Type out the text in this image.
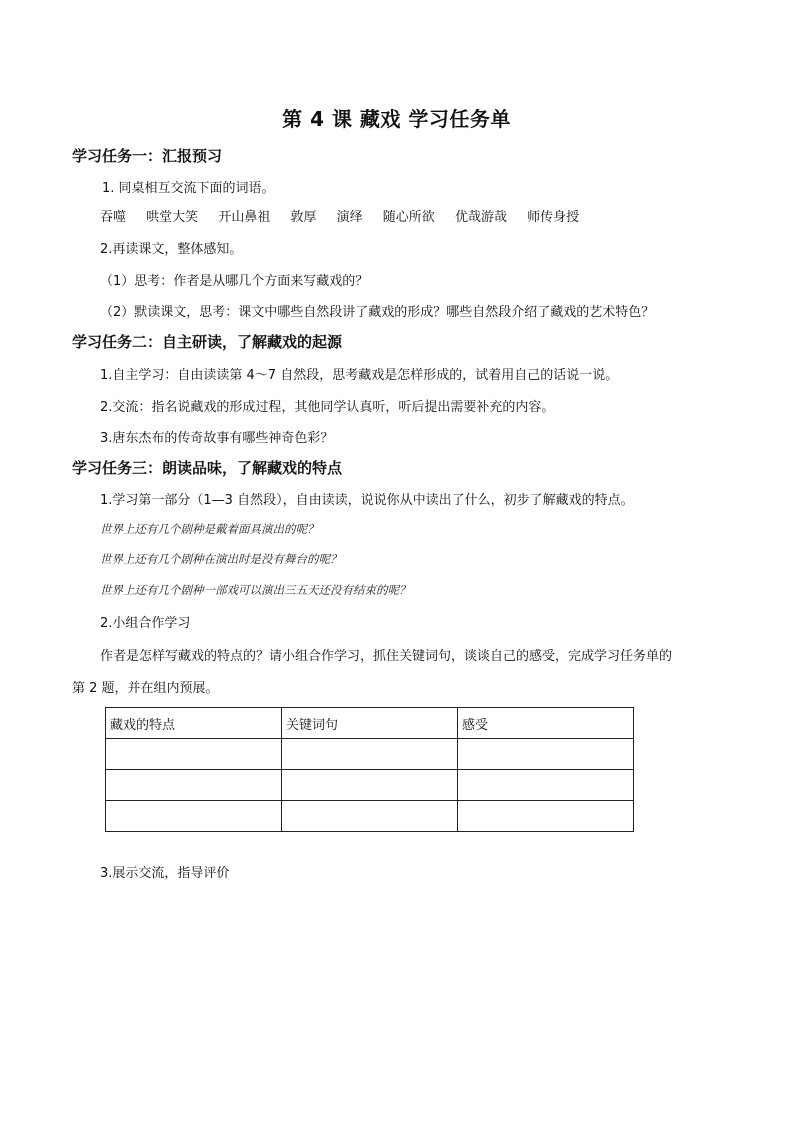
第 4 课 藏戏 学习任务单
学习任务一：汇报预习
1. 同桌相互交流下面的词语。
吞噬 哄堂大笑 开山鼻祖 敦厚 演绎 随心所欲 优哉游哉 师传身授
2.再读课文，整体感知。
（1）思考：作者是从哪几个方面来写藏戏的？
（2）默读课文，思考：课文中哪些自然段讲了藏戏的形成？哪些自然段介绍了藏戏的艺术特色？
学习任务二：自主研读，了解藏戏的起源
1.自主学习：自由读读第 4～7 自然段，思考藏戏是怎样形成的，试着用自己的话说一说。
2.交流：指名说藏戏的形成过程，其他同学认真听，听后提出需要补充的内容。
3.唐东杰布的传奇故事有哪些神奇色彩？
学习任务三：朗读品味，了解藏戏的特点
1.学习第一部分（1—3 自然段），自由读读，说说你从中读出了什么，初步了解藏戏的特点。
世界上还有几个剧种是戴着面具演出的呢？
世界上还有几个剧种在演出时是没有舞台的呢？
世界上还有几个剧种一部戏可以演出三五天还没有结束的呢？
2.小组合作学习
作者是怎样写藏戏的特点的？请小组合作学习，抓住关键词句，谈谈自己的感受，完成学习任务单的
第 2 题，并在组内预展。
藏戏的特点	关键词句	感受

3.展示交流，指导评价
